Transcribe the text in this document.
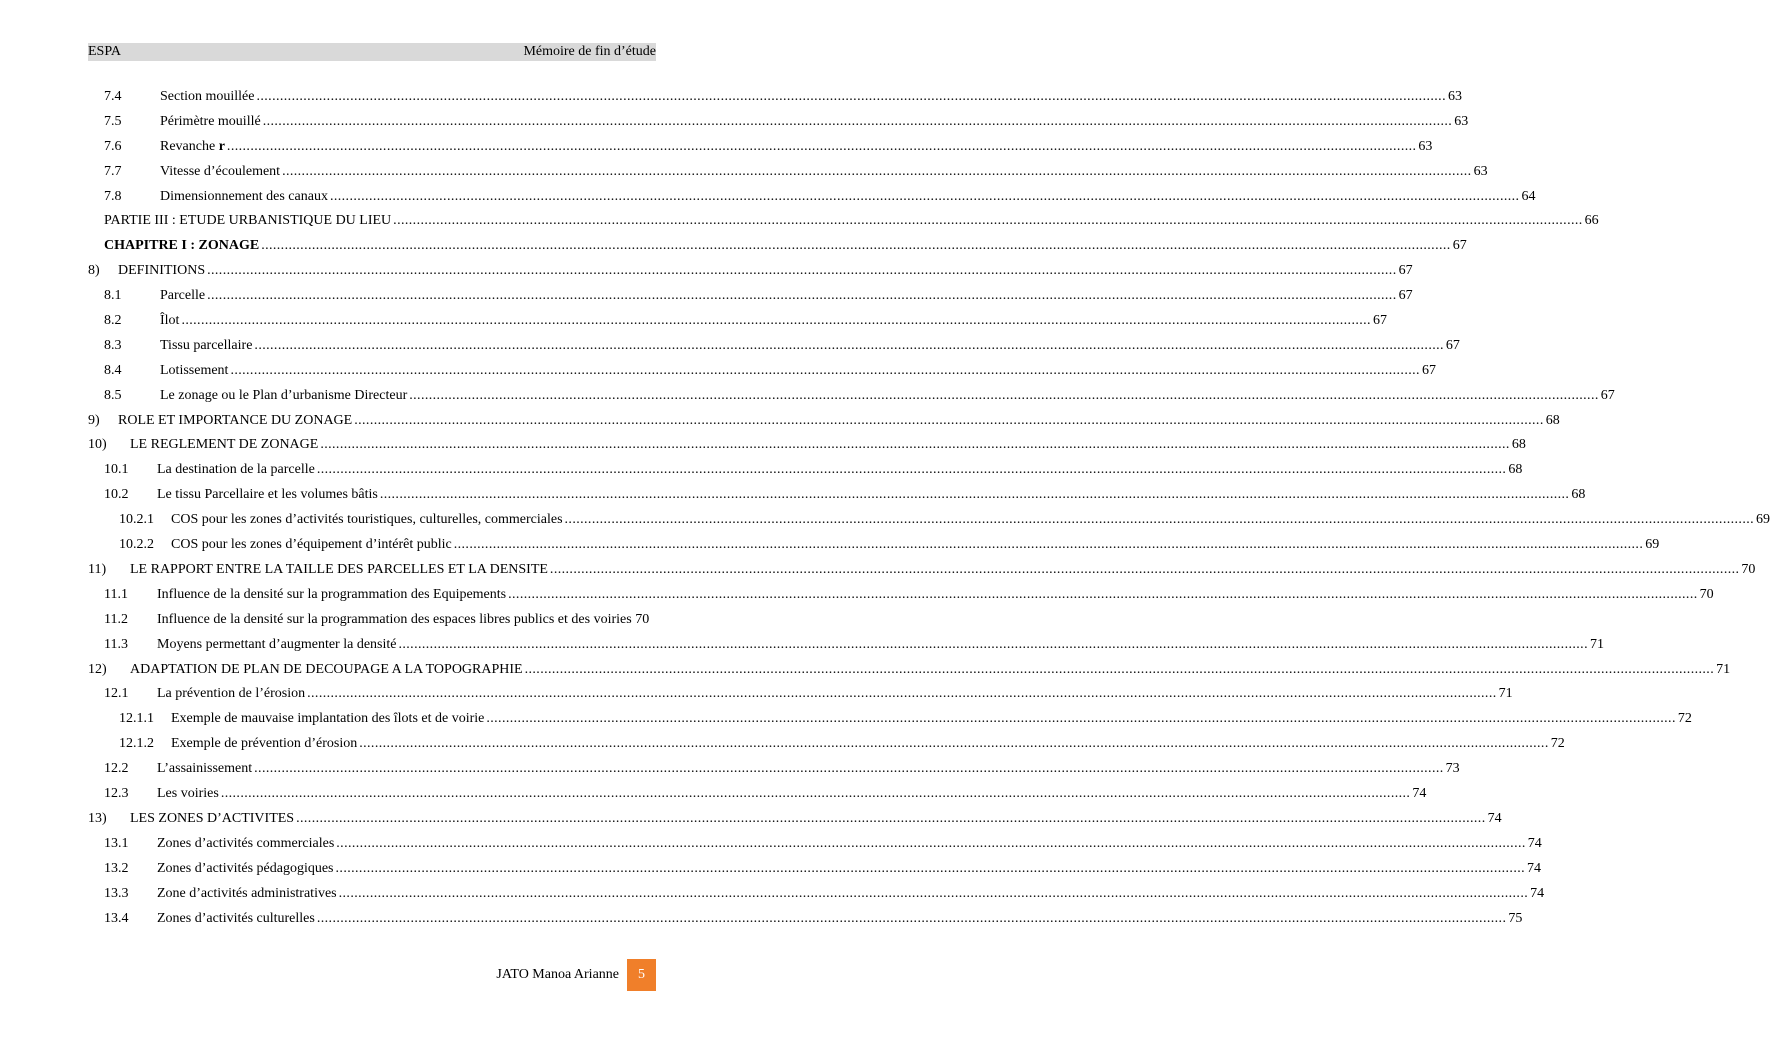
ESPA	Mémoire de fin d’étude
7.4	Section mouillée .....	63
7.5	Périmètre mouillé .....	63
7.6	Revanche r .....	63
7.7	Vitesse d’écoulement .....	63
7.8	Dimensionnement des canaux .....	64
PARTIE III : ETUDE URBANISTIQUE DU LIEU .....	66
CHAPITRE I : ZONAGE .....	67
8)	DEFINITIONS .....	67
8.1	Parcelle .....	67
8.2	Îlot .....	67
8.3	Tissu parcellaire .....	67
8.4	Lotissement .....	67
8.5	Le zonage ou le Plan d’urbanisme Directeur .....	67
9)	ROLE ET IMPORTANCE DU ZONAGE .....	68
10)	LE REGLEMENT DE ZONAGE .....	68
10.1	La destination de la parcelle .....	68
10.2	Le tissu Parcellaire et les volumes bâtis .....	68
10.2.1	COS pour les zones d’activités touristiques, culturelles, commerciales .....	69
10.2.2	COS pour les zones d’équipement d’intérêt public .....	69
11)	LE RAPPORT ENTRE LA TAILLE DES PARCELLES ET LA DENSITE .....	70
11.1	Influence de la densité sur la programmation des Equipements .....	70
11.2 Influence de la densité sur la programmation des espaces libres publics et des voiries 70
11.3	Moyens permettant d’augmenter la densité .....	71
12)	ADAPTATION DE PLAN DE DECOUPAGE A LA TOPOGRAPHIE .....	71
12.1	La prévention de l’érosion .....	71
12.1.1	Exemple de mauvaise implantation des îlots et de voirie .....	72
12.1.2	Exemple de prévention d’érosion .....	72
12.2	L’assainissement .....	73
12.3	Les voiries .....	74
13)	LES ZONES D’ACTIVITES .....	74
13.1	Zones d’activités commerciales .....	74
13.2	Zones d’activités pédagogiques .....	74
13.3	Zone d’activités administratives .....	74
13.4	Zones d’activités culturelles .....	75
JATO Manoa Arianne	5
